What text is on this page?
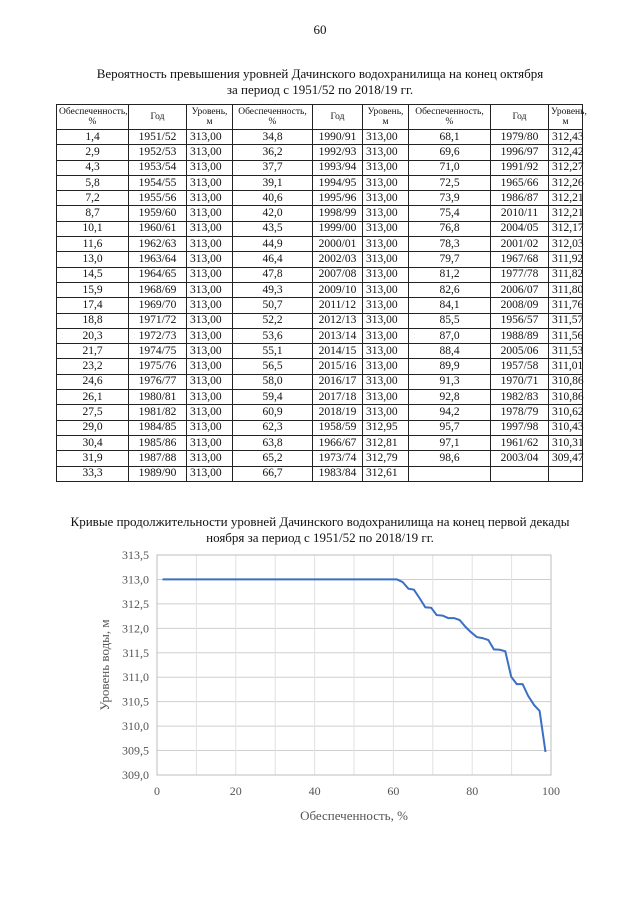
60
Вероятность превышения уровней Дачинского водохранилища на конец октября
за период с 1951/52 по 2018/19 гг.
Обеспеченность, %	Год	Уровень, м	Обеспеченность, %	Год	Уровень, м	Обеспеченность, %	Год	Уровень, м
1,4	1951/52	313,00	34,8	1990/91	313,00	68,1	1979/80	312,43
2,9	1952/53	313,00	36,2	1992/93	313,00	69,6	1996/97	312,42
4,3	1953/54	313,00	37,7	1993/94	313,00	71,0	1991/92	312,27
5,8	1954/55	313,00	39,1	1994/95	313,00	72,5	1965/66	312,26
7,2	1955/56	313,00	40,6	1995/96	313,00	73,9	1986/87	312,21
8,7	1959/60	313,00	42,0	1998/99	313,00	75,4	2010/11	312,21
10,1	1960/61	313,00	43,5	1999/00	313,00	76,8	2004/05	312,17
11,6	1962/63	313,00	44,9	2000/01	313,00	78,3	2001/02	312,03
13,0	1963/64	313,00	46,4	2002/03	313,00	79,7	1967/68	311,92
14,5	1964/65	313,00	47,8	2007/08	313,00	81,2	1977/78	311,82
15,9	1968/69	313,00	49,3	2009/10	313,00	82,6	2006/07	311,80
17,4	1969/70	313,00	50,7	2011/12	313,00	84,1	2008/09	311,76
18,8	1971/72	313,00	52,2	2012/13	313,00	85,5	1956/57	311,57
20,3	1972/73	313,00	53,6	2013/14	313,00	87,0	1988/89	311,56
21,7	1974/75	313,00	55,1	2014/15	313,00	88,4	2005/06	311,53
23,2	1975/76	313,00	56,5	2015/16	313,00	89,9	1957/58	311,01
24,6	1976/77	313,00	58,0	2016/17	313,00	91,3	1970/71	310,86
26,1	1980/81	313,00	59,4	2017/18	313,00	92,8	1982/83	310,86
27,5	1981/82	313,00	60,9	2018/19	313,00	94,2	1978/79	310,62
29,0	1984/85	313,00	62,3	1958/59	312,95	95,7	1997/98	310,43
30,4	1985/86	313,00	63,8	1966/67	312,81	97,1	1961/62	310,31
31,9	1987/88	313,00	65,2	1973/74	312,79	98,6	2003/04	309,47
33,3	1989/90	313,00	66,7	1983/84	312,61			
Кривые продолжительности уровней Дачинского водохранилища на конец первой декады
ноября за период с 1951/52 по 2018/19 гг.
309,0
309,5
310,0
310,5
311,0
311,5
312,0
312,5
313,0
313,5
0	20	40	60	80	100
Обеспеченность, %
Уровень воды, м
